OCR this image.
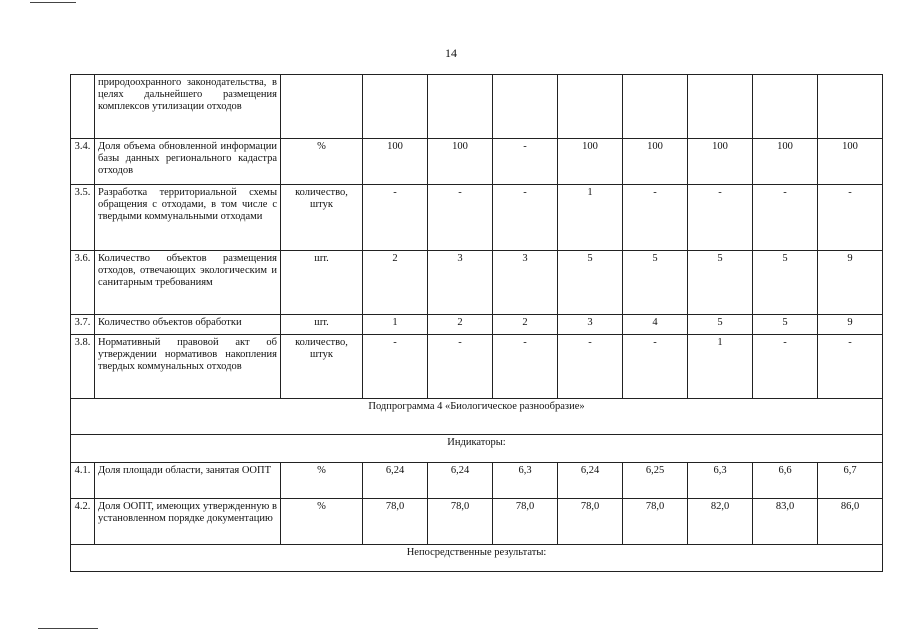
14
	природоохранного законодательства, в целях дальнейшего размещения комплексов утилизации отходов									
3.4.	Доля объема обновленной информации базы данных регионального кадастра отходов	%	100	100	-	100	100	100	100	100
3.5.	Разработка территориальной схемы обращения с отходами, в том числе с твердыми коммунальными отходами	количество, штук	-	-	-	1	-	-	-	-
3.6.	Количество объектов размещения отходов, отвечающих экологическим и санитарным требованиям	шт.	2	3	3	5	5	5	5	9
3.7.	Количество объектов обработки	шт.	1	2	2	3	4	5	5	9
3.8.	Нормативный правовой акт об утверждении нормативов накопления твердых коммунальных отходов	количество, штук	-	-	-	-	-	1	-	-
Подпрограмма 4 «Биологическое разнообразие»										
Индикаторы:										
4.1.	Доля площади области, занятая ООПТ	%	6,24	6,24	6,3	6,24	6,25	6,3	6,6	6,7
4.2.	Доля ООПТ, имеющих утвержденную в установленном порядке документацию	%	78,0	78,0	78,0	78,0	78,0	82,0	83,0	86,0
Непосредственные результаты:										
